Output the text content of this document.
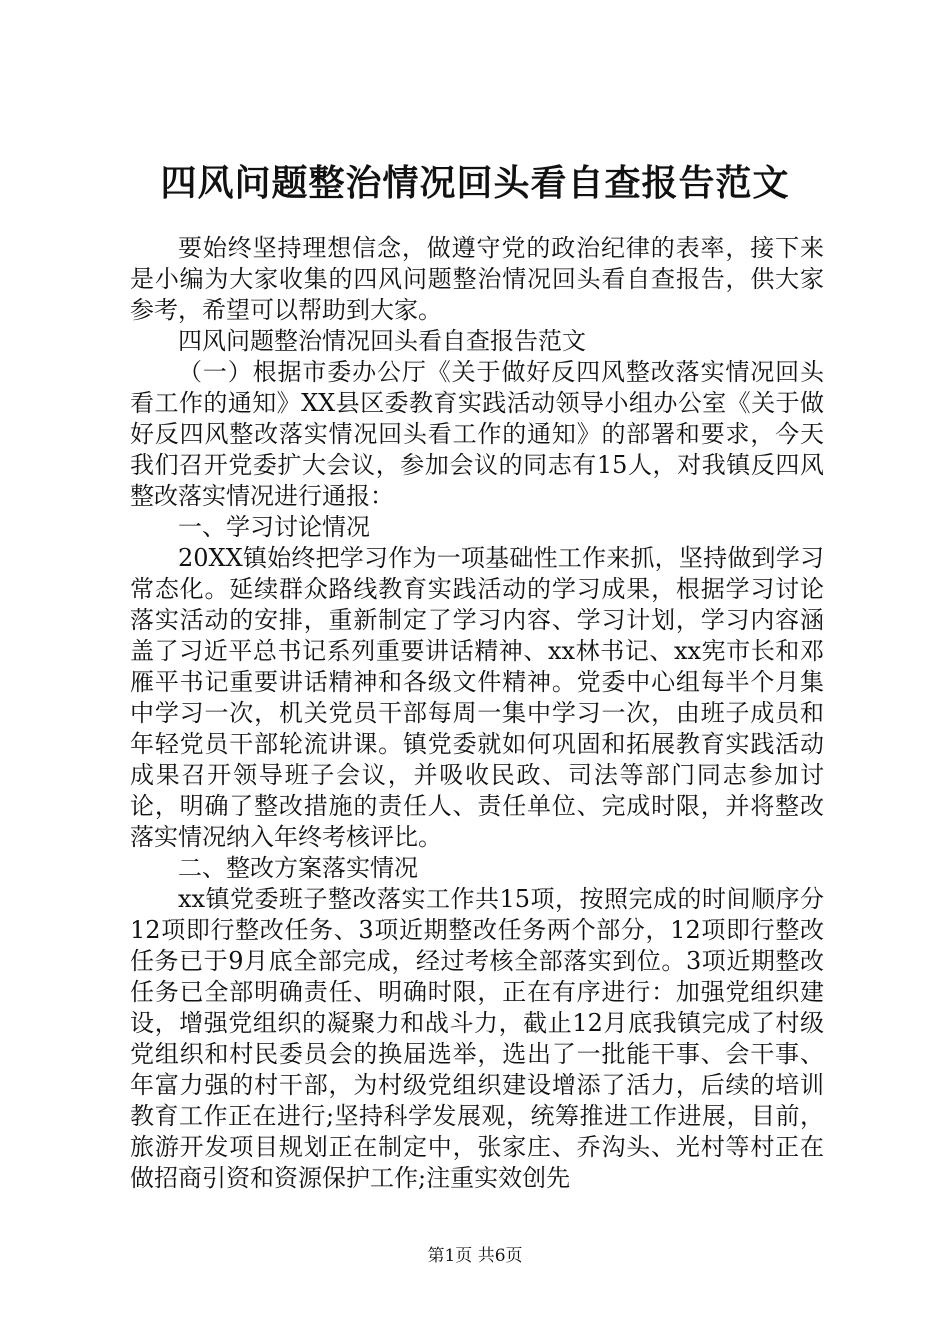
四风问题整治情况回头看自查报告范文

要始终坚持理想信念，做遵守党的政治纪律的表率，接下来是小编为大家收集的四风问题整治情况回头看自查报告，供大家参考，希望可以帮助到大家。

四风问题整治情况回头看自查报告范文

（一）根据市委办公厅《关于做好反四风整改落实情况回头看工作的通知》XX县区委教育实践活动领导小组办公室《关于做好反四风整改落实情况回头看工作的通知》的部署和要求，今天我们召开党委扩大会议，参加会议的同志有15人，对我镇反四风整改落实情况进行通报：

一、学习讨论情况

20XX镇始终把学习作为一项基础性工作来抓，坚持做到学习常态化。延续群众路线教育实践活动的学习成果，根据学习讨论落实活动的安排，重新制定了学习内容、学习计划，学习内容涵盖了习近平总书记系列重要讲话精神、xx林书记、xx宪市长和邓雁平书记重要讲话精神和各级文件精神。党委中心组每半个月集中学习一次，机关党员干部每周一集中学习一次，由班子成员和年轻党员干部轮流讲课。镇党委就如何巩固和拓展教育实践活动成果召开领导班子会议，并吸收民政、司法等部门同志参加讨论，明确了整改措施的责任人、责任单位、完成时限，并将整改落实情况纳入年终考核评比。

二、整改方案落实情况

xx镇党委班子整改落实工作共15项，按照完成的时间顺序分12项即行整改任务、3项近期整改任务两个部分，12项即行整改任务已于9月底全部完成，经过考核全部落实到位。3项近期整改任务已全部明确责任、明确时限，正在有序进行：加强党组织建设，增强党组织的凝聚力和战斗力，截止12月底我镇完成了村级党组织和村民委员会的换届选举，选出了一批能干事、会干事、年富力强的村干部，为村级党组织建设增添了活力，后续的培训教育工作正在进行;坚持科学发展观，统筹推进工作进展，目前，旅游开发项目规划正在制定中，张家庄、乔沟头、光村等村正在做招商引资和资源保护工作;注重实效创先

第1页 共6页
